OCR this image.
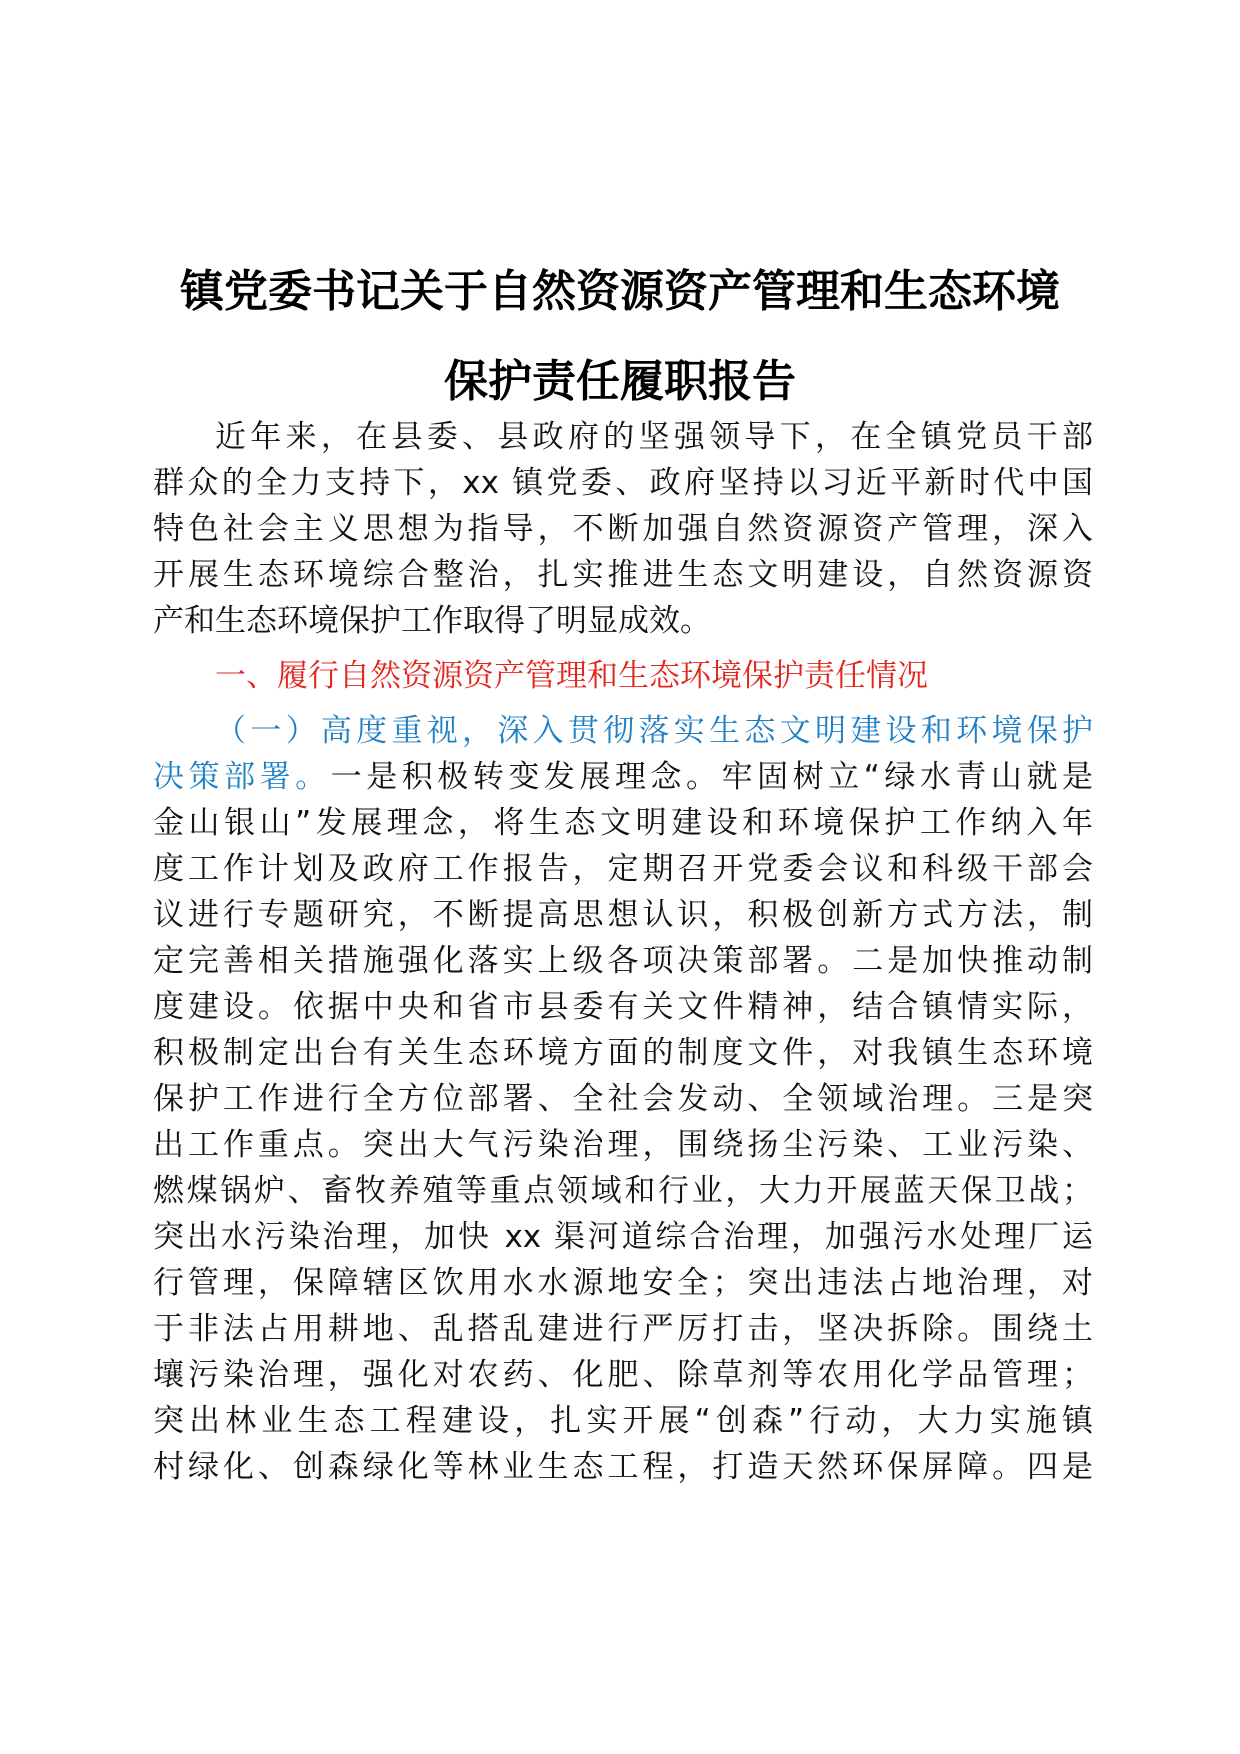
镇党委书记关于自然资源资产管理和生态环境
保护责任履职报告
近年来，在县委、县政府的坚强领导下，在全镇党员干部
群众的全力支持下，xx 镇党委、政府坚持以习近平新时代中国
特色社会主义思想为指导，不断加强自然资源资产管理，深入
开展生态环境综合整治，扎实推进生态文明建设，自然资源资
产和生态环境保护工作取得了明显成效。
一、履行自然资源资产管理和生态环境保护责任情况
（一）高度重视，深入贯彻落实生态文明建设和环境保护
决策部署。一是积极转变发展理念。牢固树立“绿水青山就是
金山银山”发展理念，将生态文明建设和环境保护工作纳入年
度工作计划及政府工作报告，定期召开党委会议和科级干部会
议进行专题研究，不断提高思想认识，积极创新方式方法，制
定完善相关措施强化落实上级各项决策部署。二是加快推动制
度建设。依据中央和省市县委有关文件精神，结合镇情实际，
积极制定出台有关生态环境方面的制度文件，对我镇生态环境
保护工作进行全方位部署、全社会发动、全领域治理。三是突
出工作重点。突出大气污染治理，围绕扬尘污染、工业污染、
燃煤锅炉、畜牧养殖等重点领域和行业，大力开展蓝天保卫战；
突出水污染治理，加快 xx 渠河道综合治理，加强污水处理厂运
行管理，保障辖区饮用水水源地安全；突出违法占地治理，对
于非法占用耕地、乱搭乱建进行严厉打击，坚决拆除。围绕土
壤污染治理，强化对农药、化肥、除草剂等农用化学品管理；
突出林业生态工程建设，扎实开展“创森”行动，大力实施镇
村绿化、创森绿化等林业生态工程，打造天然环保屏障。四是
